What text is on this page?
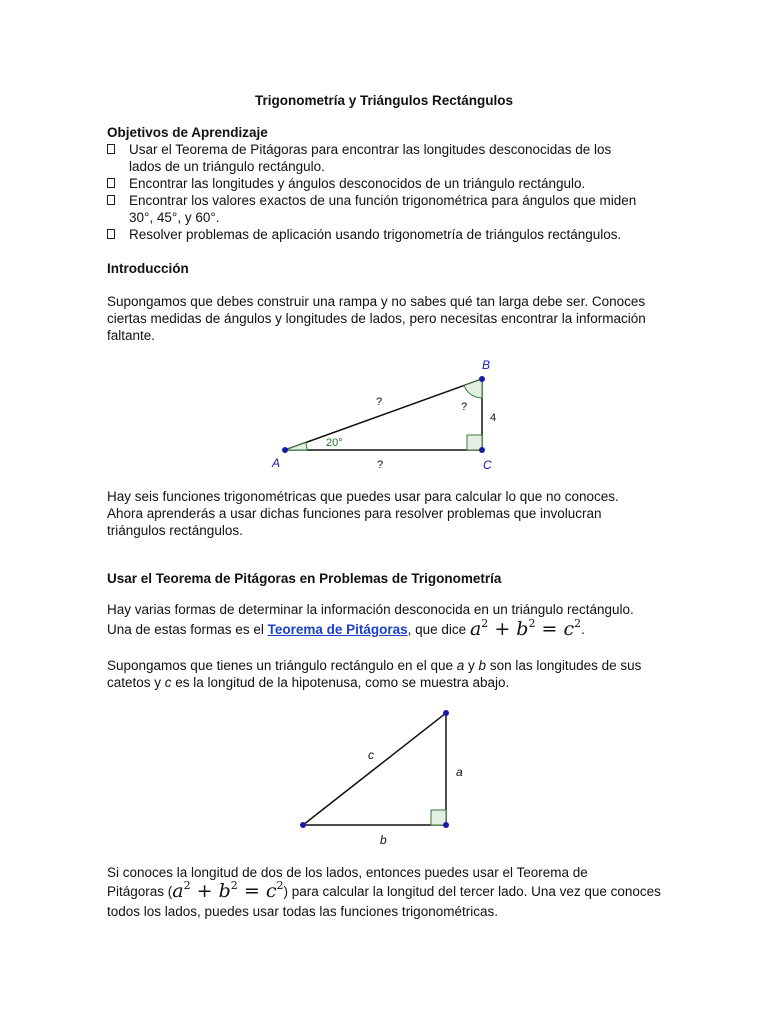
Trigonometría y Triángulos Rectángulos
Objetivos de Aprendizaje
Usar el Teorema de Pitágoras para encontrar las longitudes desconocidas de los
lados de un triángulo rectángulo.
Encontrar las longitudes y ángulos desconocidos de un triángulo rectángulo.
Encontrar los valores exactos de una función trigonométrica para ángulos que miden
30°, 45°, y 60°.
Resolver problemas de aplicación usando trigonometría de triángulos rectángulos.
Introducción
Supongamos que debes construir una rampa y no sabes qué tan larga debe ser. Conoces
ciertas medidas de ángulos y longitudes de lados, pero necesitas encontrar la información
faltante.
A	C
B
20°
?
?
?
4
Hay seis funciones trigonométricas que puedes usar para calcular lo que no conoces.
Ahora aprenderás a usar dichas funciones para resolver problemas que involucran
triángulos rectángulos.
Usar el Teorema de Pitágoras en Problemas de Trigonometría
Hay varias formas de determinar la información desconocida en un triángulo rectángulo.
Una de estas formas es el Teorema de Pitágoras, que dice $a^2 + b^2 = c^2$.
Supongamos que tienes un triángulo rectángulo en el que a y b son las longitudes de sus
catetos y c es la longitud de la hipotenusa, como se muestra abajo.
c
a
b
Si conoces la longitud de dos de los lados, entonces puedes usar el Teorema de
Pitágoras $(a^2 + b^2 = c^2)$ para calcular la longitud del tercer lado. Una vez que conoces
todos los lados, puedes usar todas las funciones trigonométricas.
